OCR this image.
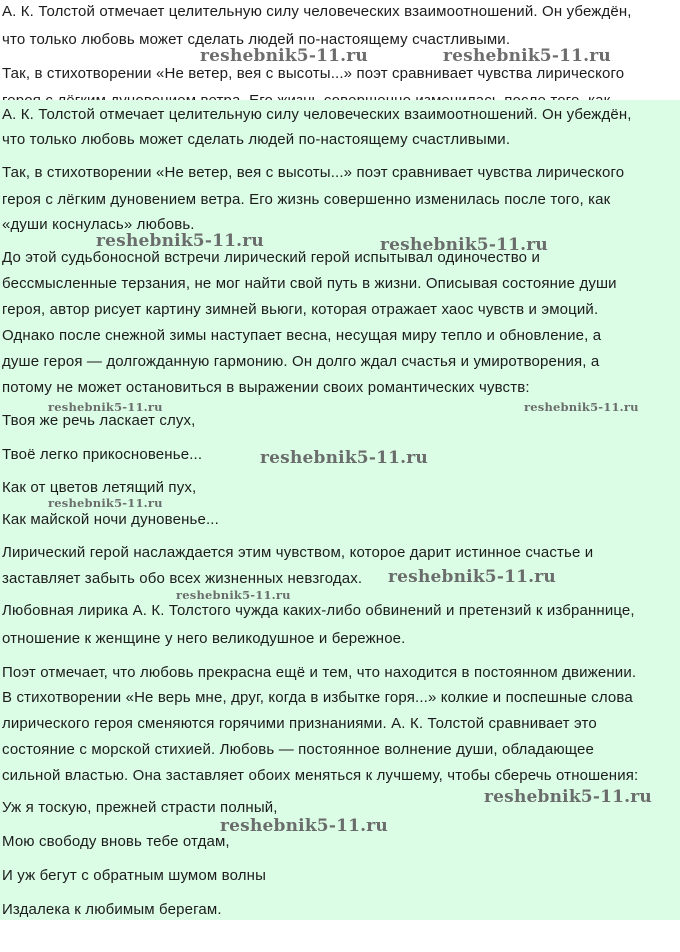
А. К. Толстой отмечает целительную силу человеческих взаимоотношений. Он убеждён,
что только любовь может сделать людей по-настоящему счастливыми.
Так, в стихотворении «Не ветер, вея с высоты...» поэт сравнивает чувства лирического
reshebnik5-11.ru	reshebnik5-11.ru
А. К. Толстой отмечает целительную силу человеческих взаимоотношений. Он убеждён,
что только любовь может сделать людей по-настоящему счастливыми.
Так, в стихотворении «Не ветер, вея с высоты...» поэт сравнивает чувства лирического
героя с лёгким дуновением ветра. Его жизнь совершенно изменилась после того, как
«души коснулась» любовь.
До этой судьбоносной встречи лирический герой испытывал одиночество и
бессмысленные терзания, не мог найти свой путь в жизни. Описывая состояние души
героя, автор рисует картину зимней вьюги, которая отражает хаос чувств и эмоций.
Однако после снежной зимы наступает весна, несущая миру тепло и обновление, а
душе героя — долгожданную гармонию. Он долго ждал счастья и умиротворения, а
потому не может остановиться в выражении своих романтических чувств:
Твоя же речь ласкает слух,
Твоё легко прикосновенье...
Как от цветов летящий пух,
Как майской ночи дуновенье...
Лирический герой наслаждается этим чувством, которое дарит истинное счастье и
заставляет забыть обо всех жизненных невзгодах.
Любовная лирика А. К. Толстого чужда каких-либо обвинений и претензий к избраннице,
отношение к женщине у него великодушное и бережное.
Поэт отмечает, что любовь прекрасна ещё и тем, что находится в постоянном движении.
В стихотворении «Не верь мне, друг, когда в избытке горя...» колкие и поспешные слова
лирического героя сменяются горячими признаниями. А. К. Толстой сравнивает это
состояние с морской стихией. Любовь — постоянное волнение души, обладающее
сильной властью. Она заставляет обоих меняться к лучшему, чтобы сберечь отношения:
Уж я тоскую, прежней страсти полный,
Мою свободу вновь тебе отдам,
И уж бегут с обратным шумом волны
Издалека к любимым берегам.
reshebnik5-11.ru	reshebnik5-11.ru
reshebnik5-11.ru	reshebnik5-11.ru
reshebnik5-11.ru
reshebnik5-11.ru
reshebnik5-11.ru
reshebnik5-11.ru
reshebnik5-11.ru
reshebnik5-11.ru
